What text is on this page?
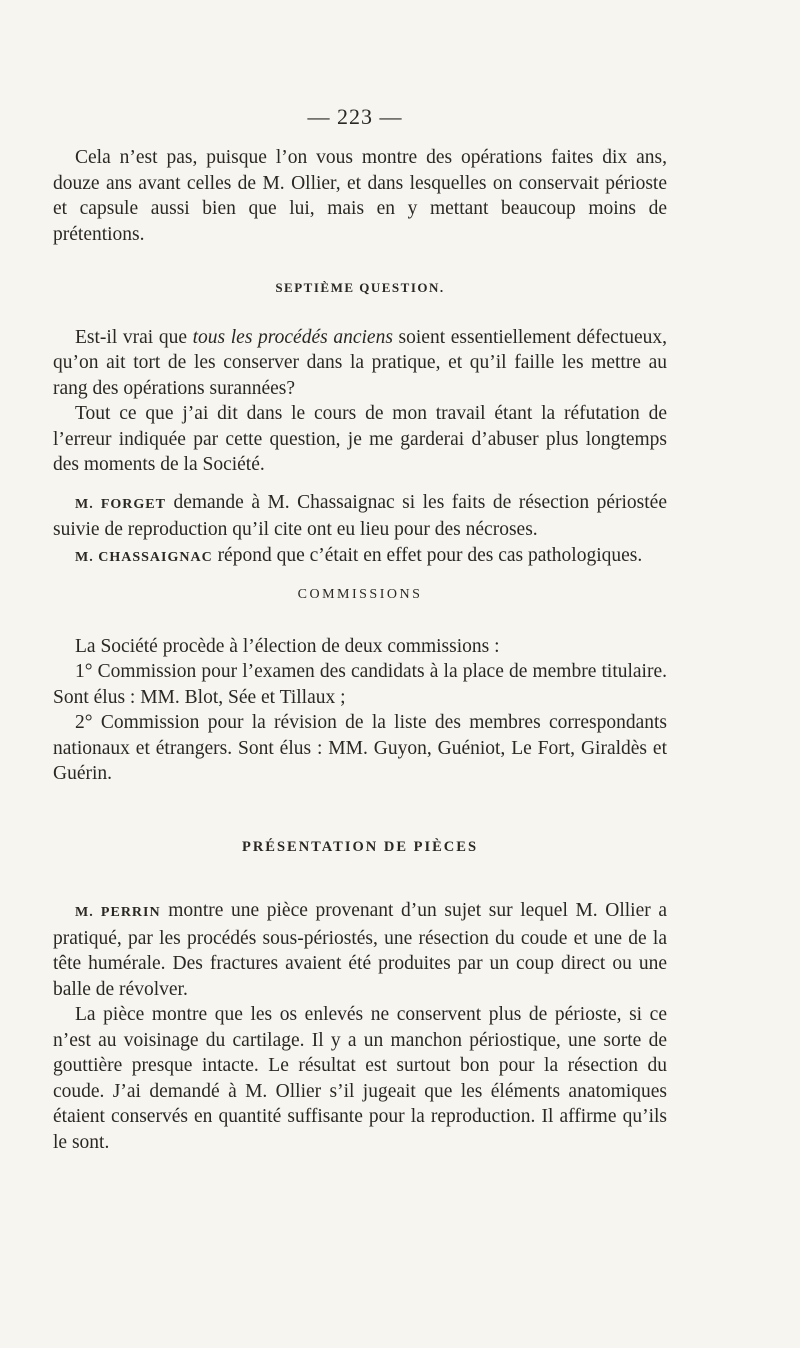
— 223 —

Cela n’est pas, puisque l’on vous montre des opérations faites dix ans, douze ans avant celles de M. Ollier, et dans lesquelles on conservait périoste et capsule aussi bien que lui, mais en y mettant beaucoup moins de prétentions.

SEPTIÈME QUESTION.

Est-il vrai que tous les procédés anciens soient essentiellement défectueux, qu’on ait tort de les conserver dans la pratique, et qu’il faille les mettre au rang des opérations surannées?

Tout ce que j’ai dit dans le cours de mon travail étant la réfutation de l’erreur indiquée par cette question, je me garderai d’abuser plus longtemps des moments de la Société.

M. FORGET demande à M. Chassaignac si les faits de résection périostée suivie de reproduction qu’il cite ont eu lieu pour des nécroses.

M. CHASSAIGNAC répond que c’était en effet pour des cas pathologiques.

COMMISSIONS

La Société procède à l’élection de deux commissions :

1° Commission pour l’examen des candidats à la place de membre titulaire. Sont élus : MM. Blot, Sée et Tillaux ;

2° Commission pour la révision de la liste des membres correspondants nationaux et étrangers. Sont élus : MM. Guyon, Guéniot, Le Fort, Giraldès et Guérin.

PRÉSENTATION DE PIÈCES

M. PERRIN montre une pièce provenant d’un sujet sur lequel M. Ollier a pratiqué, par les procédés sous-périostés, une résection du coude et une de la tête humérale. Des fractures avaient été produites par un coup direct ou une balle de révolver.

La pièce montre que les os enlevés ne conservent plus de périoste, si ce n’est au voisinage du cartilage. Il y a un manchon périostique, une sorte de gouttière presque intacte. Le résultat est surtout bon pour la résection du coude. J’ai demandé à M. Ollier s’il jugeait que les éléments anatomiques étaient conservés en quantité suffisante pour la reproduction. Il affirme qu’ils le sont.
